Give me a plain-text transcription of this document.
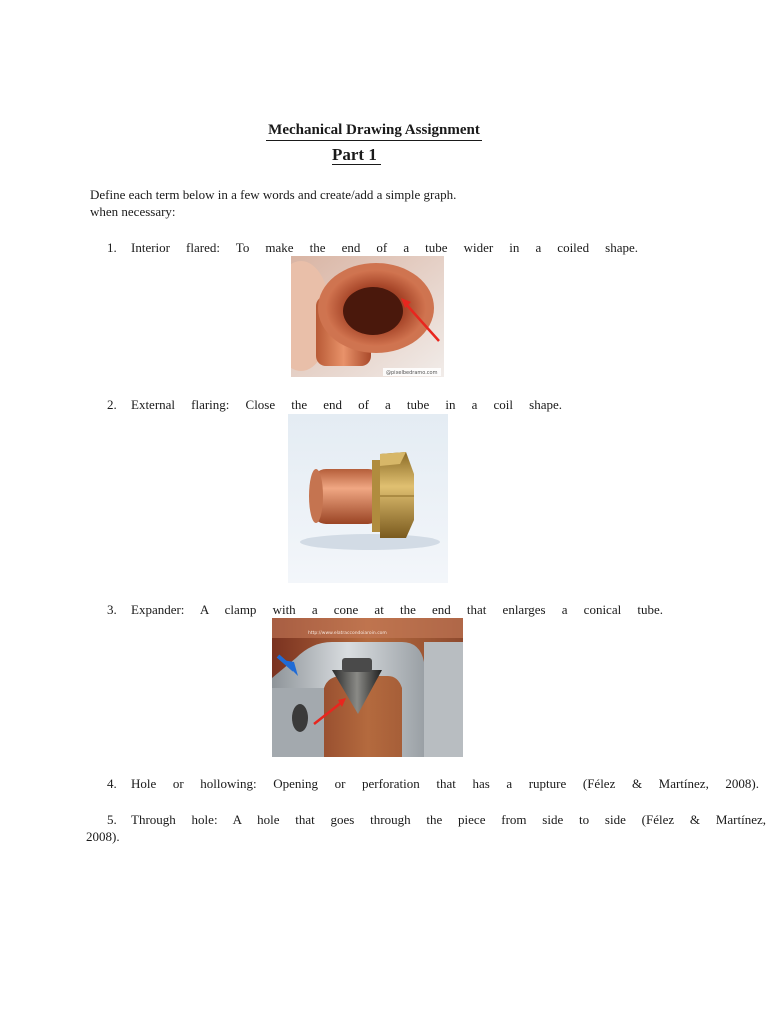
Mechanical Drawing Assignment
Part 1
Define each term below in a few words and create/add a simple graph.
when necessary:
1. Interior flared: To make the end of a tube wider in a coiled shape.
@pixelbedramo.com
2. External flaring: Close the end of a tube in a coil shape.
3. Expander: A clamp with a cone at the end that enlarges a conical tube.
http://www.elatraccondoiaroin.com
4. Hole or hollowing: Opening or perforation that has a rupture (Félez & Martínez, 2008).
5. Through hole: A hole that goes through the piece from side to side (Félez & Martínez,
2008).
